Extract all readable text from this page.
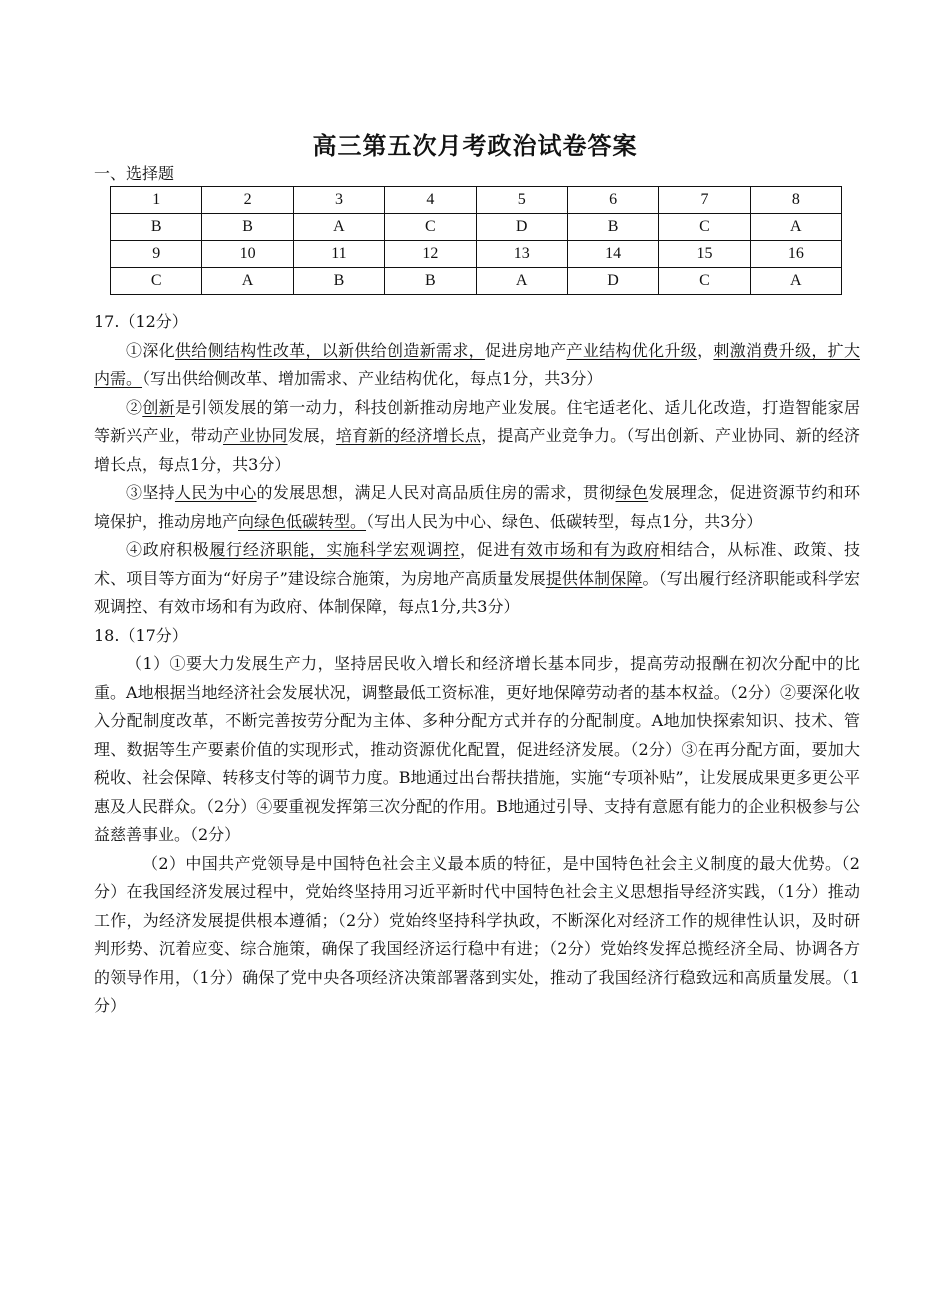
高三第五次月考政治试卷答案
一、选择题
1	2	3	4	5	6	7	8
B	B	A	C	D	B	C	A
9	10	11	12	13	14	15	16
C	A	B	B	A	D	C	A

17.（12分）

①深化供给侧结构性改革，以新供给创造新需求，促进房地产产业结构优化升级，刺激消费升级，扩大内需。（写出供给侧改革、增加需求、产业结构优化，每点1分，共3分）

②创新是引领发展的第一动力，科技创新推动房地产业发展。住宅适老化、适儿化改造，打造智能家居等新兴产业，带动产业协同发展，培育新的经济增长点，提高产业竞争力。（写出创新、产业协同、新的经济增长点，每点1分，共3分）

③坚持人民为中心的发展思想，满足人民对高品质住房的需求，贯彻绿色发展理念，促进资源节约和环境保护，推动房地产向绿色低碳转型。（写出人民为中心、绿色、低碳转型，每点1分，共3分）

④政府积极履行经济职能，实施科学宏观调控，促进有效市场和有为政府相结合，从标准、政策、技术、项目等方面为“好房子”建设综合施策，为房地产高质量发展提供体制保障。（写出履行经济职能或科学宏观调控、有效市场和有为政府、体制保障，每点1分,共3分）

18.（17分）

（1）①要大力发展生产力，坚持居民收入增长和经济增长基本同步，提高劳动报酬在初次分配中的比重。A地根据当地经济社会发展状况，调整最低工资标准，更好地保障劳动者的基本权益。（2分）②要深化收入分配制度改革，不断完善按劳分配为主体、多种分配方式并存的分配制度。A地加快探索知识、技术、管理、数据等生产要素价值的实现形式，推动资源优化配置，促进经济发展。（2分）③在再分配方面，要加大税收、社会保障、转移支付等的调节力度。B地通过出台帮扶措施，实施“专项补贴”，让发展成果更多更公平惠及人民群众。（2分）④要重视发挥第三次分配的作用。B地通过引导、支持有意愿有能力的企业积极参与公益慈善事业。（2分）

（2）中国共产党领导是中国特色社会主义最本质的特征，是中国特色社会主义制度的最大优势。（2分）在我国经济发展过程中，党始终坚持用习近平新时代中国特色社会主义思想指导经济实践，（1分）推动工作，为经济发展提供根本遵循；（2分）党始终坚持科学执政，不断深化对经济工作的规律性认识，及时研判形势、沉着应变、综合施策，确保了我国经济运行稳中有进；（2分）党始终发挥总揽经济全局、协调各方的领导作用，（1分）确保了党中央各项经济决策部署落到实处，推动了我国经济行稳致远和高质量发展。（1分）
